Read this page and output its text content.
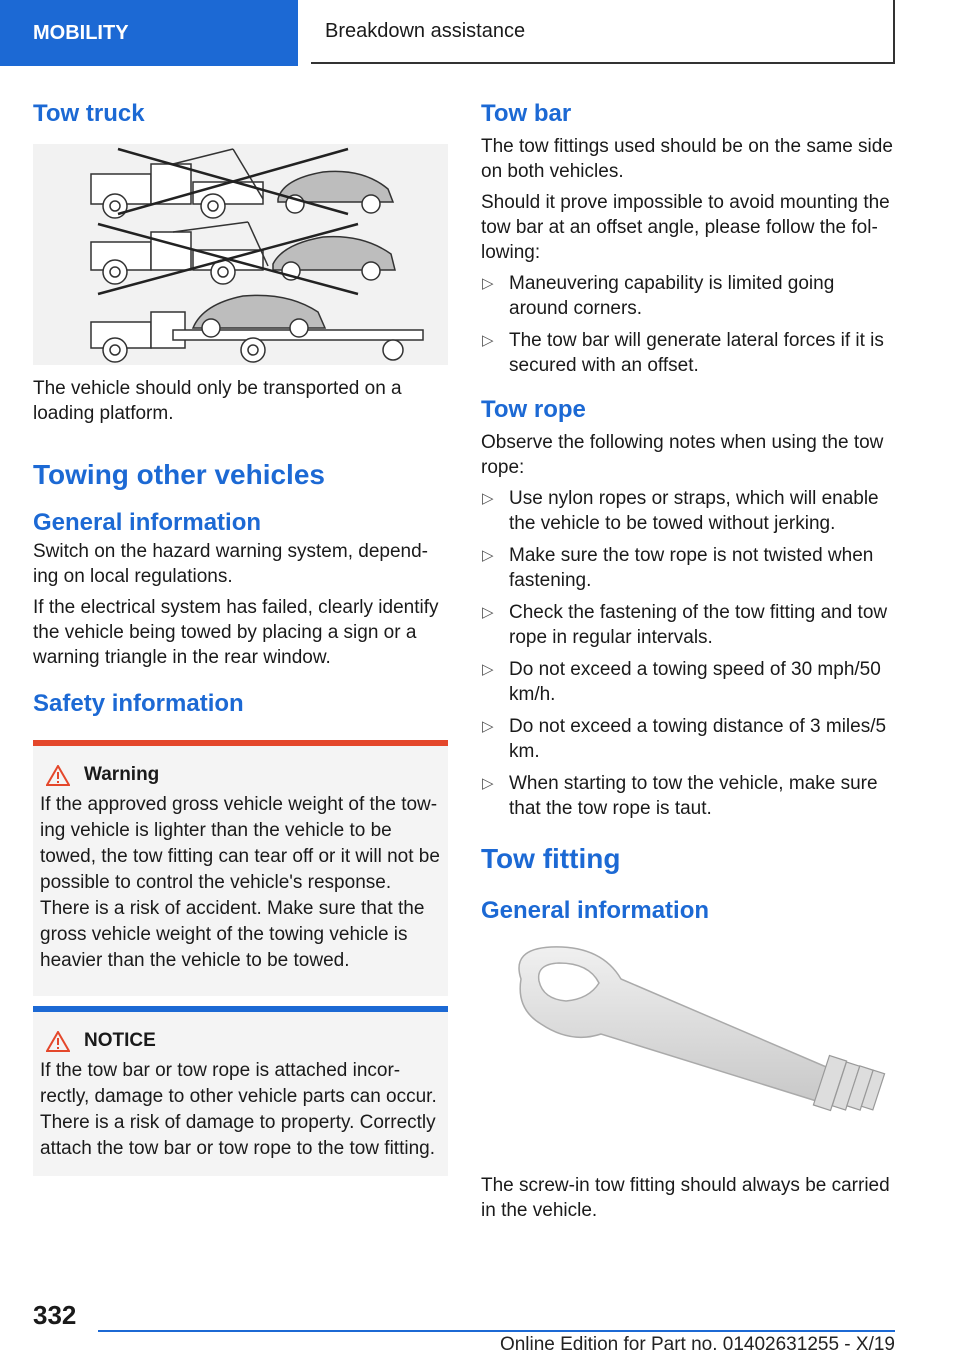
MOBILITY	Breakdown assistance
Tow truck

The vehicle should only be transported on a loading platform.

Towing other vehicles
General information

Switch on the hazard warning system, depend-ing on local regulations.

If the electrical system has failed, clearly identify the vehicle being towed by placing a sign or a warning triangle in the rear window.

Safety information
Warning

If the approved gross vehicle weight of the tow-ing vehicle is lighter than the vehicle to be towed, the tow fitting can tear off or it will not be possible to control the vehicle's response. There is a risk of accident. Make sure that the gross vehicle weight of the towing vehicle is heavier than the vehicle to be towed.

NOTICE

If the tow bar or tow rope is attached incor-rectly, damage to other vehicle parts can occur. There is a risk of damage to property. Correctly attach the tow bar or tow rope to the tow fitting.

Tow bar

The tow fittings used should be on the same side on both vehicles.

Should it prove impossible to avoid mounting the tow bar at an offset angle, please follow the fol-lowing:

▷ Maneuvering capability is limited going around corners.
▷ The tow bar will generate lateral forces if it is secured with an offset.
Tow rope

Observe the following notes when using the tow rope:

▷ Use nylon ropes or straps, which will enable the vehicle to be towed without jerking.
▷ Make sure the tow rope is not twisted when fastening.
▷ Check the fastening of the tow fitting and tow rope in regular intervals.
▷ Do not exceed a towing speed of 30 mph/50 km/h.
▷ Do not exceed a towing distance of 3 miles/5 km.
▷ When starting to tow the vehicle, make sure that the tow rope is taut.
Tow fitting
General information

The screw-in tow fitting should always be carried in the vehicle.

332
Online Edition for Part no. 01402631255 - X/19
